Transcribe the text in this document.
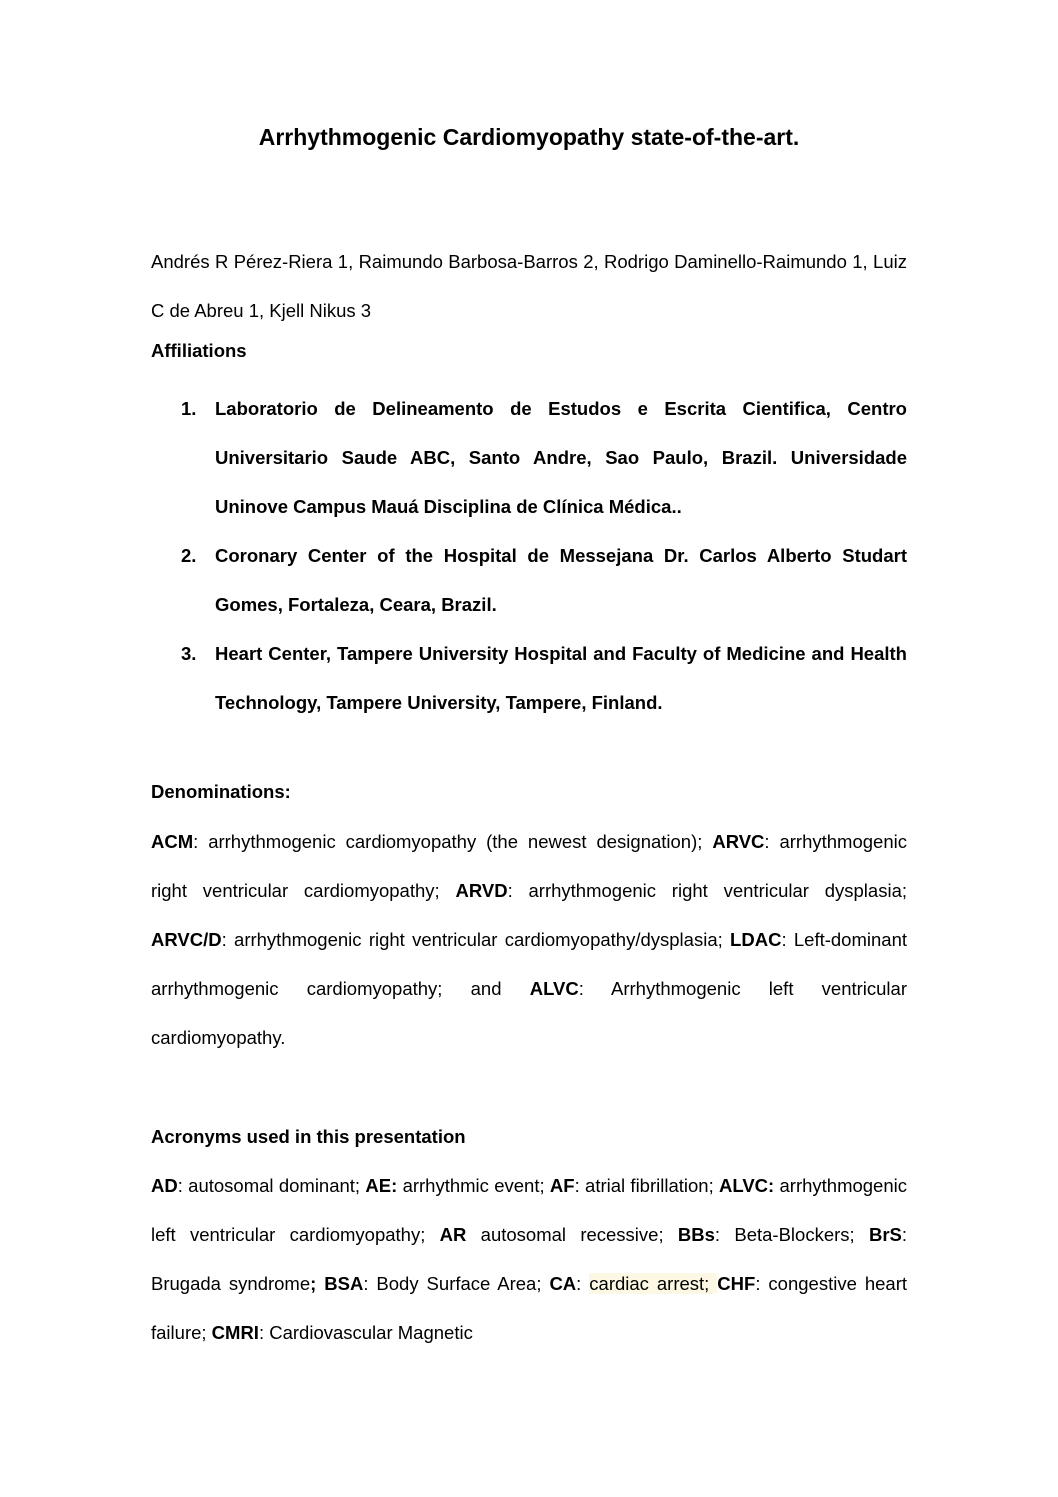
Arrhythmogenic Cardiomyopathy state-of-the-art.

Andrés R Pérez-Riera 1, Raimundo Barbosa-Barros 2, Rodrigo Daminello-Raimundo 1, Luiz C de Abreu 1, Kjell Nikus 3

Affiliations

1. Laboratorio de Delineamento de Estudos e Escrita Cientifica, Centro Universitario Saude ABC, Santo Andre, Sao Paulo, Brazil. Universidade Uninove Campus Mauá Disciplina de Clínica Médica..
2. Coronary Center of the Hospital de Messejana Dr. Carlos Alberto Studart Gomes, Fortaleza, Ceara, Brazil.
3. Heart Center, Tampere University Hospital and Faculty of Medicine and Health Technology, Tampere University, Tampere, Finland.

Denominations:

ACM: arrhythmogenic cardiomyopathy (the newest designation); ARVC: arrhythmogenic right ventricular cardiomyopathy; ARVD: arrhythmogenic right ventricular dysplasia; ARVC/D: arrhythmogenic right ventricular cardiomyopathy/dysplasia; LDAC: Left-dominant arrhythmogenic cardiomyopathy; and ALVC: Arrhythmogenic left ventricular cardiomyopathy.

Acronyms used in this presentation

AD: autosomal dominant; AE: arrhythmic event; AF: atrial fibrillation; ALVC: arrhythmogenic left ventricular cardiomyopathy; AR autosomal recessive; BBs: Beta-Blockers; BrS: Brugada syndrome; BSA: Body Surface Area; CA: cardiac arrest; CHF: congestive heart failure; CMRI: Cardiovascular Magnetic
